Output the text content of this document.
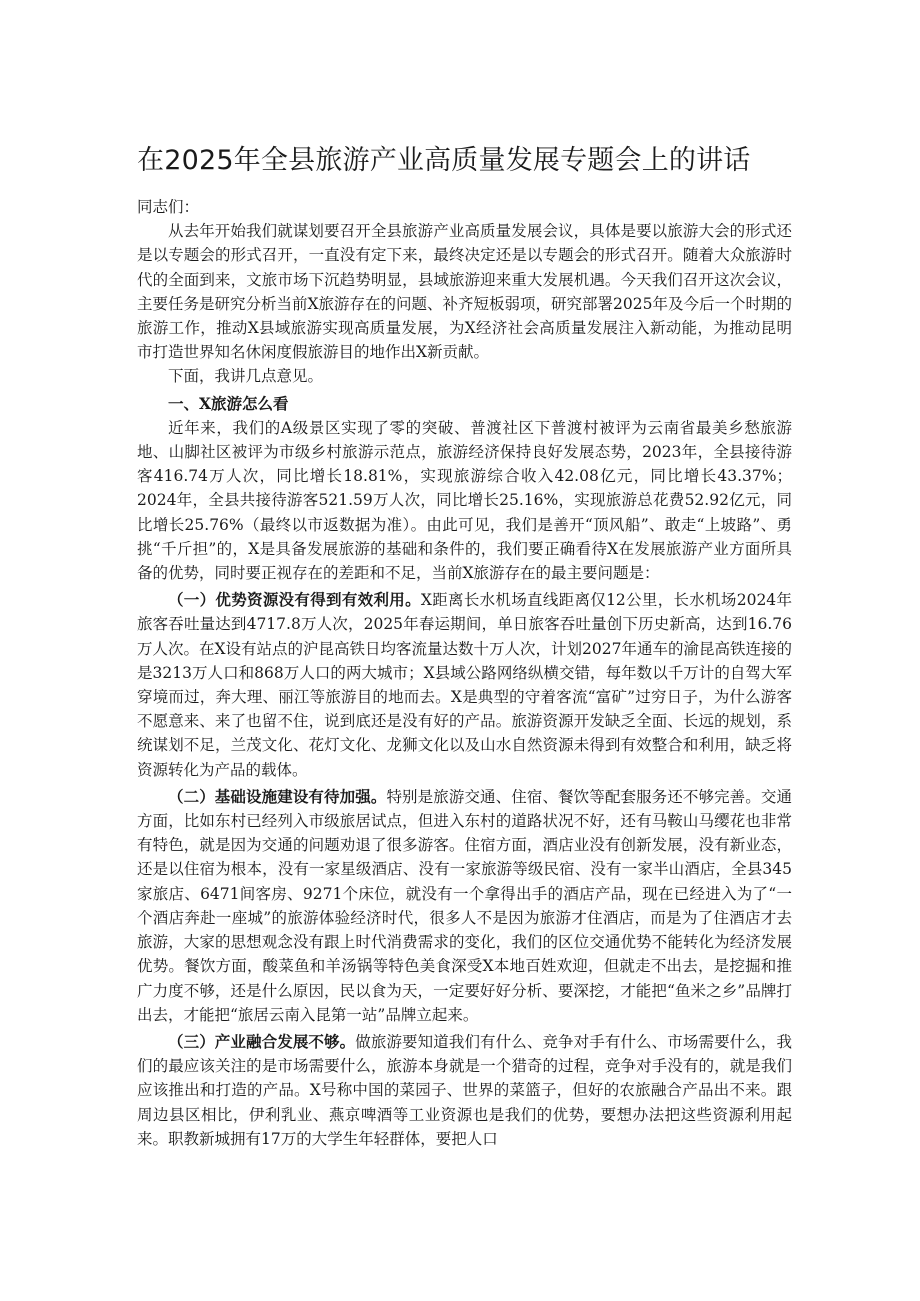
在2025年全县旅游产业高质量发展专题会上的讲话

同志们：

从去年开始我们就谋划要召开全县旅游产业高质量发展会议，具体是要以旅游大会的形式还是以专题会的形式召开，一直没有定下来，最终决定还是以专题会的形式召开。随着大众旅游时代的全面到来，文旅市场下沉趋势明显，县域旅游迎来重大发展机遇。今天我们召开这次会议，主要任务是研究分析当前X旅游存在的问题、补齐短板弱项，研究部署2025年及今后一个时期的旅游工作，推动X县域旅游实现高质量发展，为X经济社会高质量发展注入新动能，为推动昆明市打造世界知名休闲度假旅游目的地作出X新贡献。

下面，我讲几点意见。

一、X旅游怎么看

近年来，我们的A级景区实现了零的突破、普渡社区下普渡村被评为云南省最美乡愁旅游地、山脚社区被评为市级乡村旅游示范点，旅游经济保持良好发展态势，2023年，全县接待游客416.74万人次，同比增长18.81%，实现旅游综合收入42.08亿元，同比增长43.37%；2024年，全县共接待游客521.59万人次，同比增长25.16%，实现旅游总花费52.92亿元，同比增长25.76%（最终以市返数据为准）。由此可见，我们是善开“顶风船”、敢走“上坡路”、勇挑“千斤担”的，X是具备发展旅游的基础和条件的，我们要正确看待X在发展旅游产业方面所具备的优势，同时要正视存在的差距和不足，当前X旅游存在的最主要问题是：

（一）优势资源没有得到有效利用。X距离长水机场直线距离仅12公里，长水机场2024年旅客吞吐量达到4717.8万人次，2025年春运期间，单日旅客吞吐量创下历史新高，达到16.76万人次。在X设有站点的沪昆高铁日均客流量达数十万人次，计划2027年通车的渝昆高铁连接的是3213万人口和868万人口的两大城市；X县域公路网络纵横交错，每年数以千万计的自驾大军穿境而过，奔大理、丽江等旅游目的地而去。X是典型的守着客流“富矿”过穷日子，为什么游客不愿意来、来了也留不住，说到底还是没有好的产品。旅游资源开发缺乏全面、长远的规划，系统谋划不足，兰茂文化、花灯文化、龙狮文化以及山水自然资源未得到有效整合和利用，缺乏将资源转化为产品的载体。

（二）基础设施建设有待加强。特别是旅游交通、住宿、餐饮等配套服务还不够完善。交通方面，比如东村已经列入市级旅居试点，但进入东村的道路状况不好，还有马鞍山马缨花也非常有特色，就是因为交通的问题劝退了很多游客。住宿方面，酒店业没有创新发展，没有新业态，还是以住宿为根本，没有一家星级酒店、没有一家旅游等级民宿、没有一家半山酒店，全县345家旅店、6471间客房、9271个床位，就没有一个拿得出手的酒店产品，现在已经进入为了“一个酒店奔赴一座城”的旅游体验经济时代，很多人不是因为旅游才住酒店，而是为了住酒店才去旅游，大家的思想观念没有跟上时代消费需求的变化，我们的区位交通优势不能转化为经济发展优势。餐饮方面，酸菜鱼和羊汤锅等特色美食深受X本地百姓欢迎，但就走不出去，是挖掘和推广力度不够，还是什么原因，民以食为天，一定要好好分析、要深挖，才能把“鱼米之乡”品牌打出去，才能把“旅居云南入昆第一站”品牌立起来。

（三）产业融合发展不够。做旅游要知道我们有什么、竞争对手有什么、市场需要什么，我们的最应该关注的是市场需要什么，旅游本身就是一个猎奇的过程，竞争对手没有的，就是我们应该推出和打造的产品。X号称中国的菜园子、世界的菜篮子，但好的农旅融合产品出不来。跟周边县区相比，伊利乳业、燕京啤酒等工业资源也是我们的优势，要想办法把这些资源利用起来。职教新城拥有17万的大学生年轻群体，要把人口
